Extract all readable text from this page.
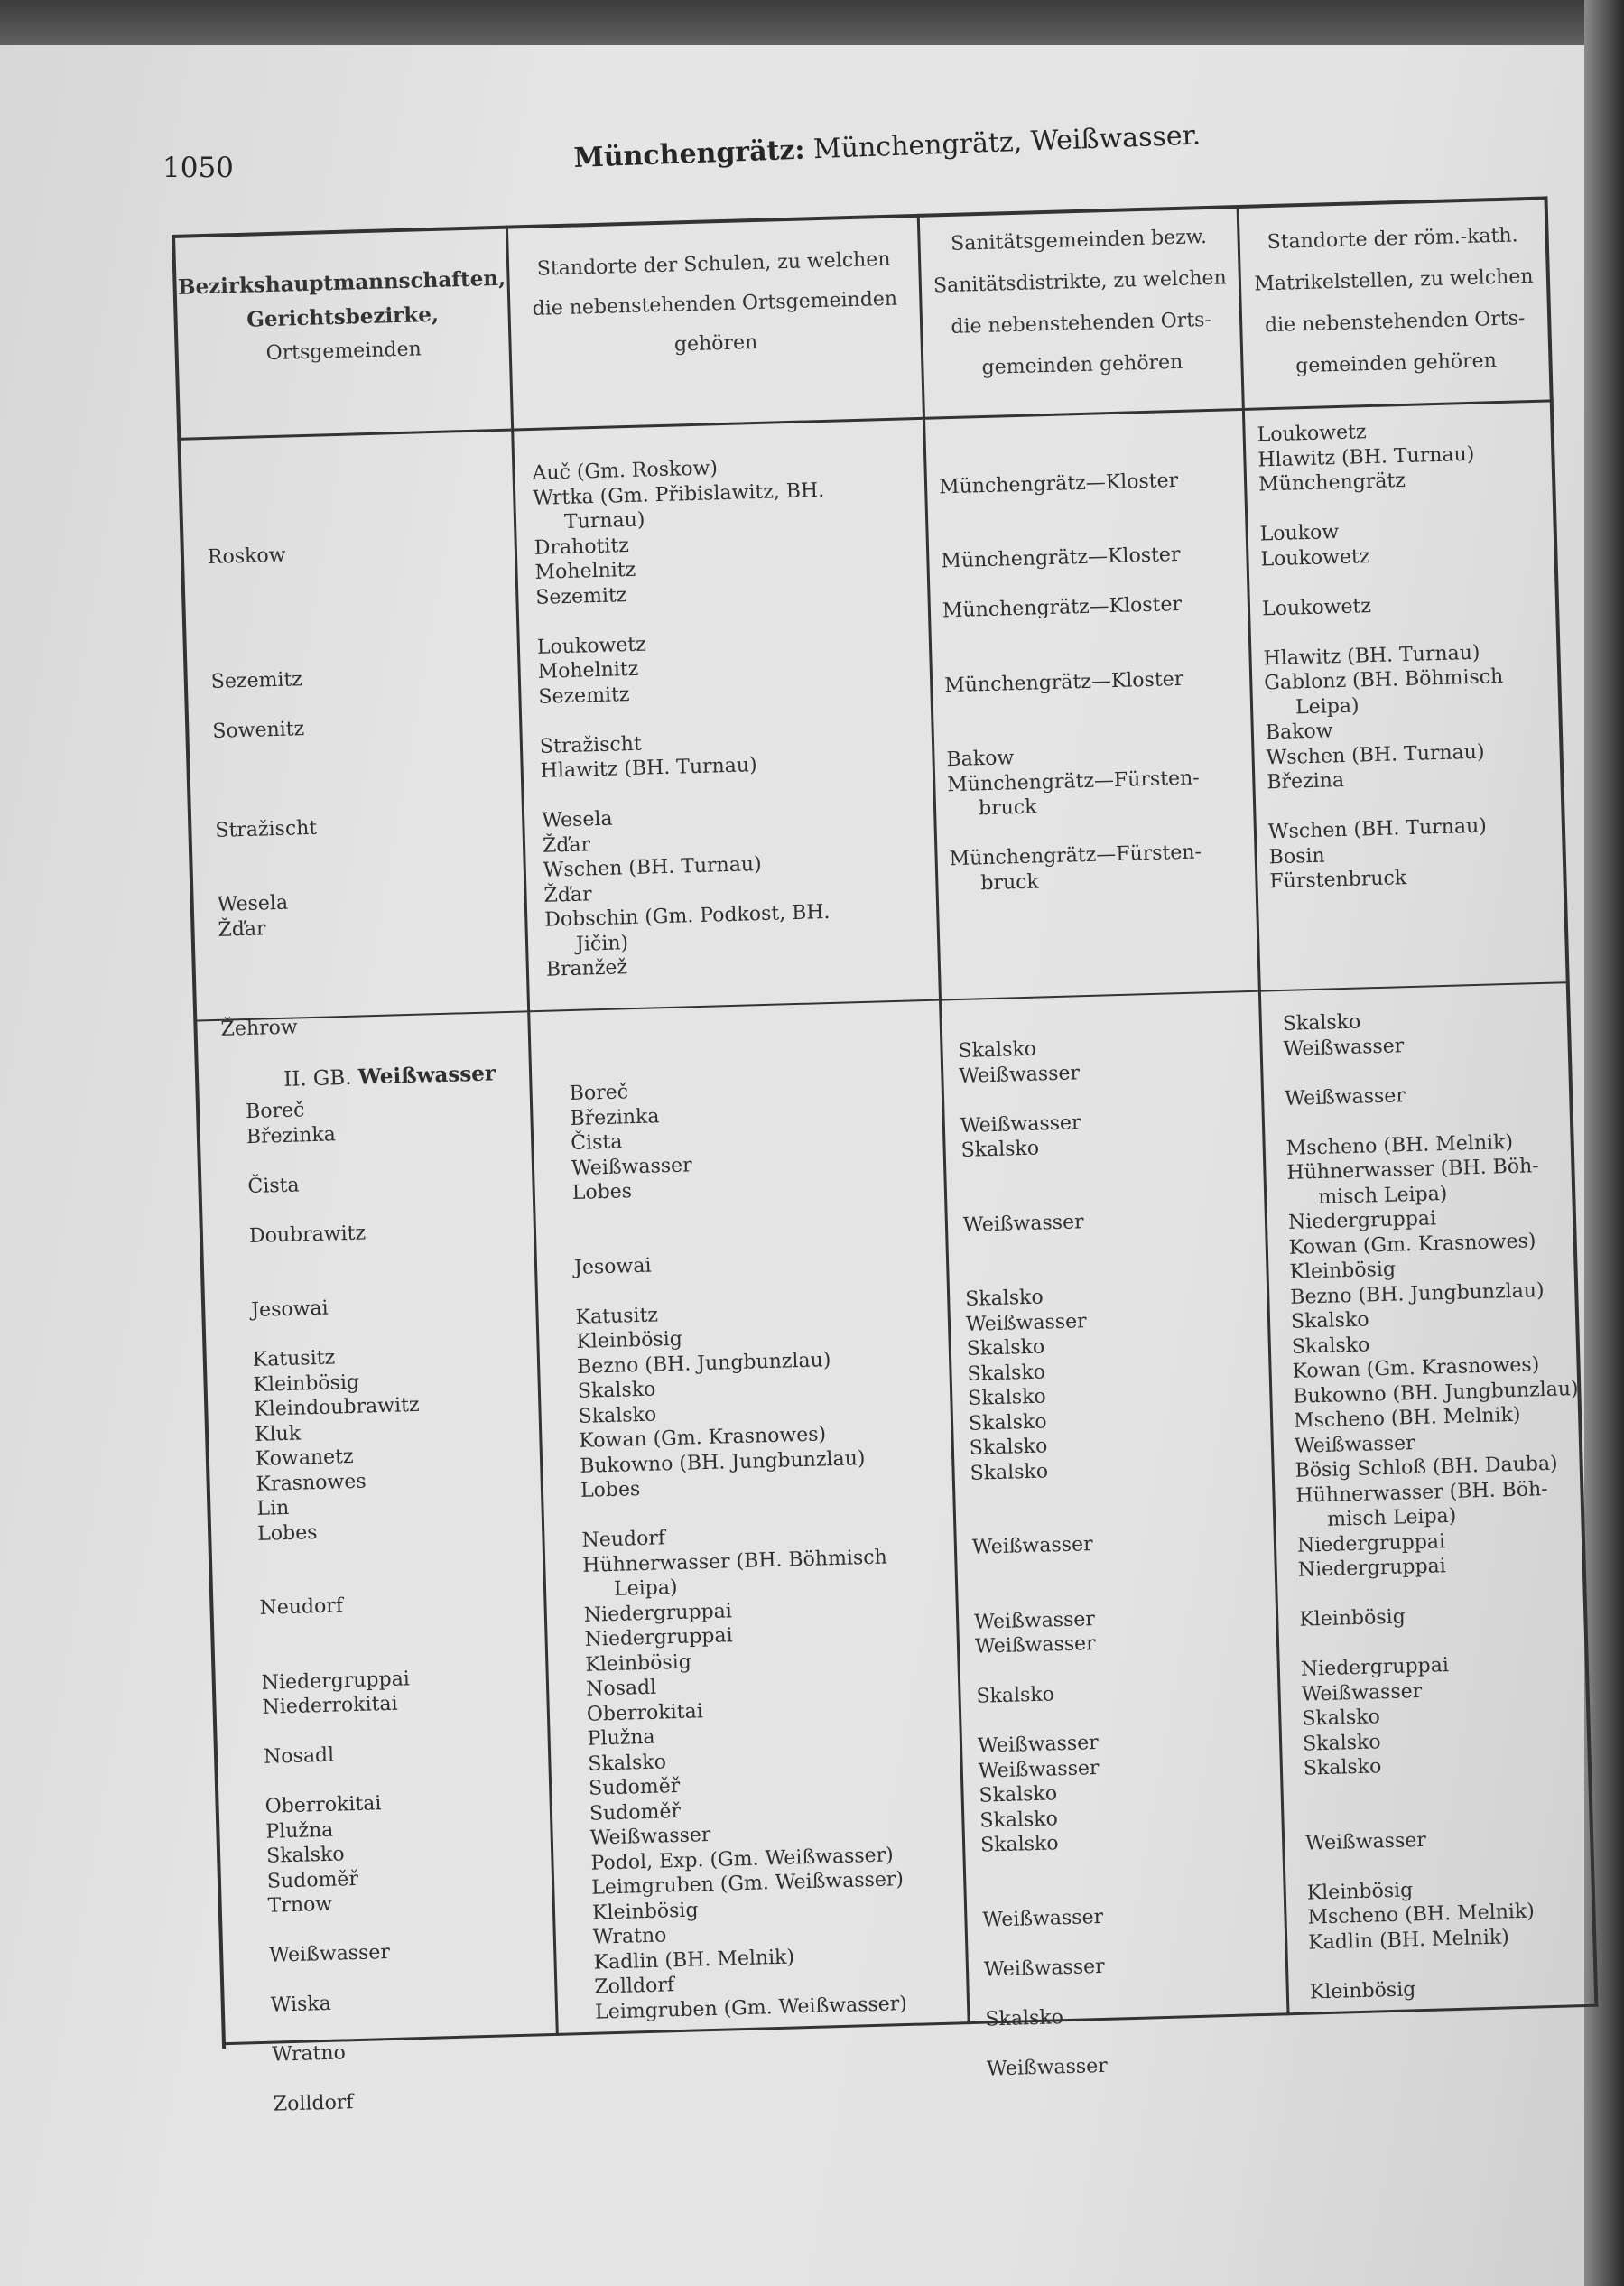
1050	Münchengrätz: Münchengrätz, Weißwasser.
Bezirkshauptmannschaften,
Gerichtsbezirke,
Ortsgemeinden
Standorte der Schulen, zu welchen
die nebenstehenden Ortsgemeinden
gehören
Sanitätsgemeinden bezw.
Sanitätsdistrikte, zu welchen
die nebenstehenden Orts-
gemeinden gehören
Standorte der röm.-kath.
Matrikelstellen, zu welchen
die nebenstehenden Orts-
gemeinden gehören
Roskow
Sezemitz
Sowenitz
Stražischt
Wesela
Žďar
Žehrow
Auč (Gm. Roskow)
Wrtka (Gm. Přibislawitz, BH.
Turnau)
Drahotitz
Mohelnitz
Sezemitz
Loukowetz
Mohelnitz
Sezemitz
Stražischt
Hlawitz (BH. Turnau)
Wesela
Žďar
Wschen (BH. Turnau)
Žďar
Dobschin (Gm. Podkost, BH.
Jičin)
Branžež
Münchengrätz—Kloster
Münchengrätz—Kloster
Münchengrätz—Kloster
Münchengrätz—Kloster
Bakow
Münchengrätz—Fürsten-
bruck
Münchengrätz—Fürsten-
bruck
Loukowetz
Hlawitz (BH. Turnau)
Münchengrätz
Loukow
Loukowetz
Loukowetz
Hlawitz (BH. Turnau)
Gablonz (BH. Böhmisch
Leipa)
Bakow
Wschen (BH. Turnau)
Březina
Wschen (BH. Turnau)
Bosin
Fürstenbruck
II. GB. Weißwasser
Boreč
Březinka
Čista
Doubrawitz
Jesowai
Katusitz
Kleinbösig
Kleindoubrawitz
Kluk
Kowanetz
Krasnowes
Lin
Lobes
Neudorf
Niedergruppai
Niederrokitai
Nosadl
Oberrokitai
Plužna
Skalsko
Sudoměř
Trnow
Weißwasser
Wiska
Wratno
Zolldorf
Boreč
Březinka
Čista
Weißwasser
Lobes
Jesowai
Katusitz
Kleinbösig
Bezno (BH. Jungbunzlau)
Skalsko
Skalsko
Kowan (Gm. Krasnowes)
Bukowno (BH. Jungbunzlau)
Lobes
Neudorf
Hühnerwasser (BH. Böhmisch
Leipa)
Niedergruppai
Niedergruppai
Kleinbösig
Nosadl
Oberrokitai
Plužna
Skalsko
Sudoměř
Sudoměř
Weißwasser
Podol, Exp. (Gm. Weißwasser)
Leimgruben (Gm. Weißwasser)
Kleinbösig
Wratno
Kadlin (BH. Melnik)
Zolldorf
Leimgruben (Gm. Weißwasser)
Skalsko
Weißwasser
Weißwasser
Skalsko
Weißwasser
Skalsko
Weißwasser
Skalsko
Skalsko
Skalsko
Skalsko
Skalsko
Skalsko
Weißwasser
Weißwasser
Weißwasser
Skalsko
Weißwasser
Weißwasser
Skalsko
Skalsko
Skalsko
Weißwasser
Weißwasser
Skalsko
Weißwasser
Skalsko
Weißwasser
Weißwasser
Mscheno (BH. Melnik)
Hühnerwasser (BH. Böh-
misch Leipa)
Niedergruppai
Kowan (Gm. Krasnowes)
Kleinbösig
Bezno (BH. Jungbunzlau)
Skalsko
Skalsko
Kowan (Gm. Krasnowes)
Bukowno (BH. Jungbunzlau)
Mscheno (BH. Melnik)
Weißwasser
Bösig Schloß (BH. Dauba)
Hühnerwasser (BH. Böh-
misch Leipa)
Niedergruppai
Niedergruppai
Kleinbösig
Niedergruppai
Weißwasser
Skalsko
Skalsko
Skalsko
Weißwasser
Kleinbösig
Mscheno (BH. Melnik)
Kadlin (BH. Melnik)
Kleinbösig
